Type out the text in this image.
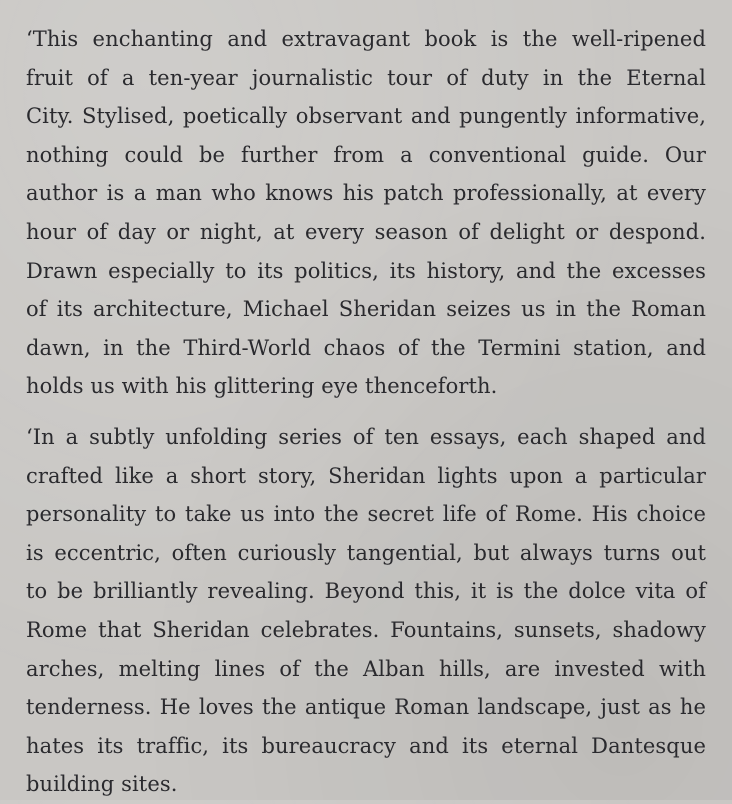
‘This enchanting and extravagant book is the well-ripened
fruit of a ten-year journalistic tour of duty in the Eternal
City. Stylised, poetically observant and pungently informative,
nothing could be further from a conventional guide. Our
author is a man who knows his patch professionally, at every
hour of day or night, at every season of delight or despond.
Drawn especially to its politics, its history, and the excesses
of its architecture, Michael Sheridan seizes us in the Roman
dawn, in the Third-World chaos of the Termini station, and
holds us with his glittering eye thenceforth.
‘In a subtly unfolding series of ten essays, each shaped and
crafted like a short story, Sheridan lights upon a particular
personality to take us into the secret life of Rome. His choice
is eccentric, often curiously tangential, but always turns out
to be brilliantly revealing. Beyond this, it is the dolce vita of
Rome that Sheridan celebrates. Fountains, sunsets, shadowy
arches, melting lines of the Alban hills, are invested with
tenderness. He loves the antique Roman landscape, just as he
hates its traffic, its bureaucracy and its eternal Dantesque
building sites.
